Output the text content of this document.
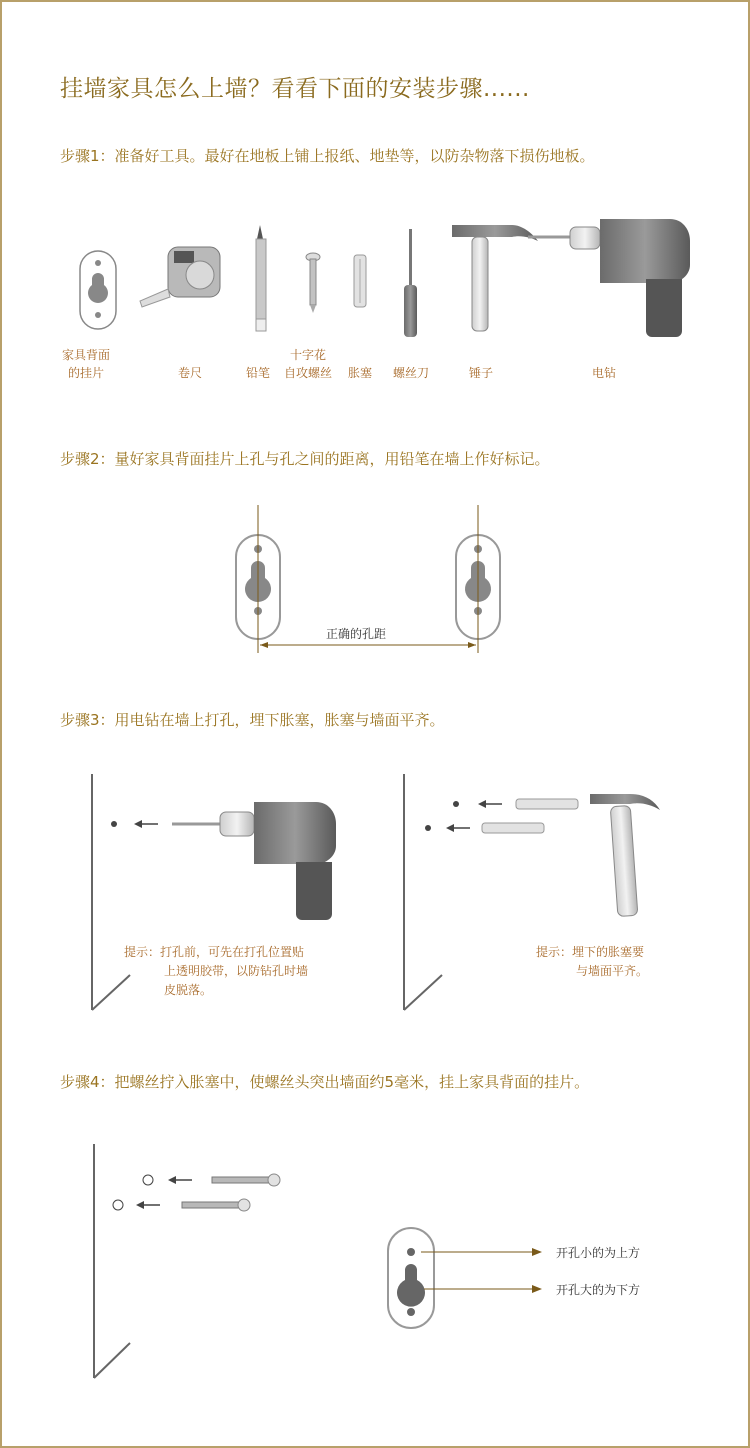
挂墙家具怎么上墙？看看下面的安装步骤......
步骤1：准备好工具。最好在地板上铺上报纸、地垫等，以防杂物落下损伤地板。
家具背面
的挂片	卷尺	铅笔
十字花
自攻螺丝 胀塞 螺丝刀	锤子	电钻
步骤2：量好家具背面挂片上孔与孔之间的距离，用铅笔在墙上作好标记。
正确的孔距
步骤3：用电钻在墙上打孔，埋下胀塞，胀塞与墙面平齐。
提示：打孔前，可先在打孔位置贴
上透明胶带，以防钻孔时墙
皮脱落。
提示：埋下的胀塞要
与墙面平齐。
步骤4：把螺丝拧入胀塞中，使螺丝头突出墙面约5毫米，挂上家具背面的挂片。
开孔小的为上方
开孔大的为下方
